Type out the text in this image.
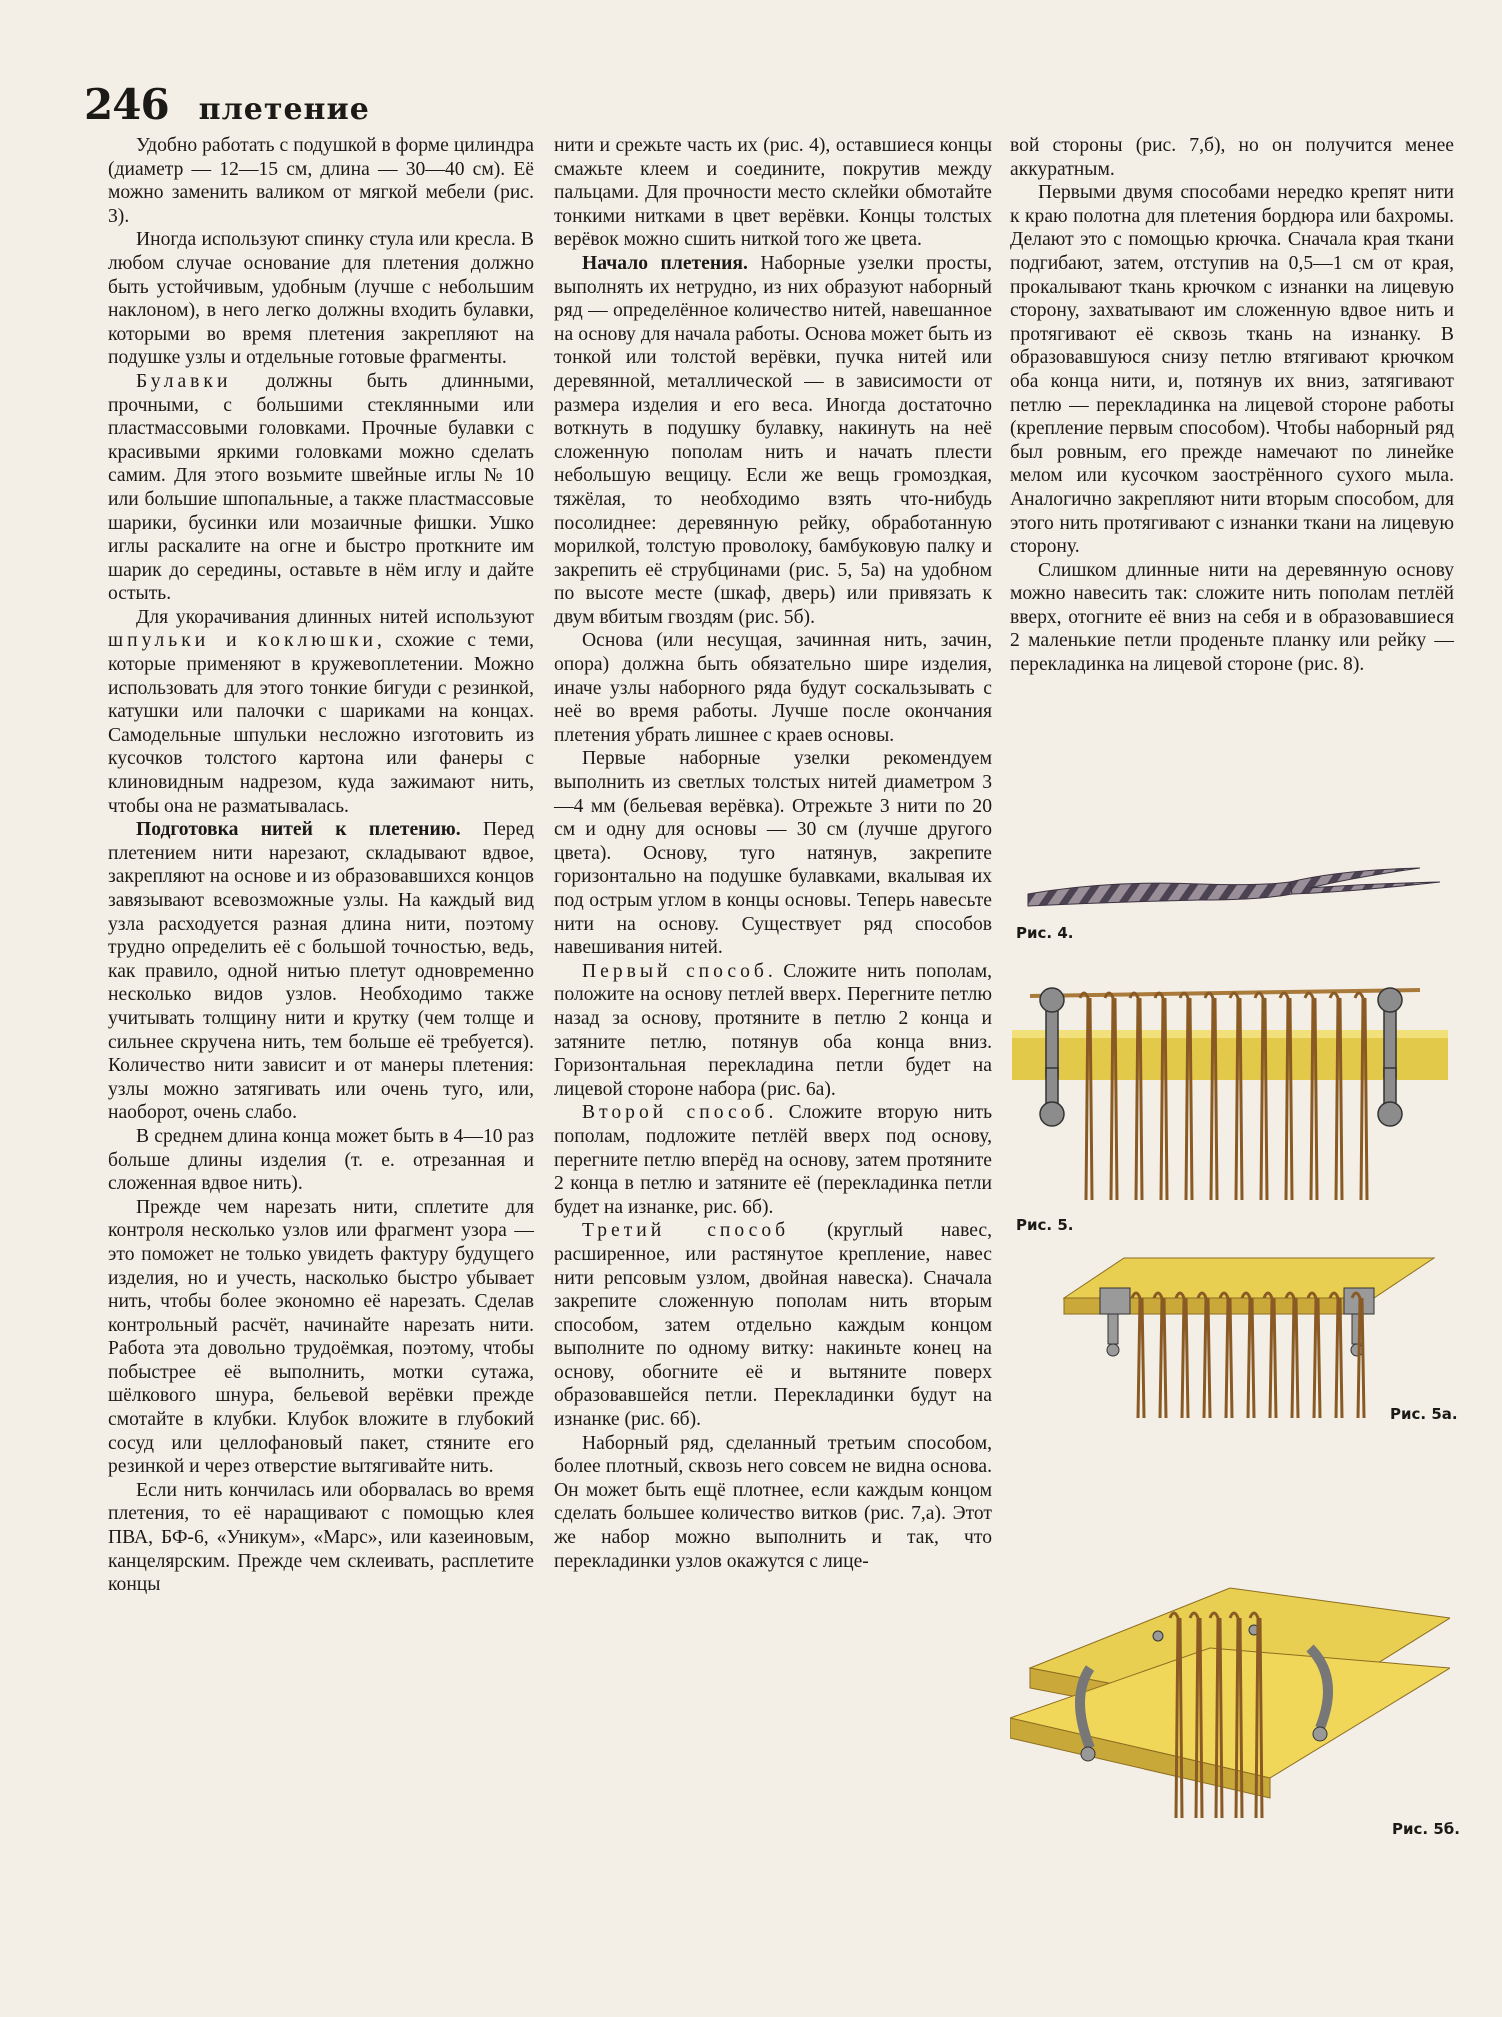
246 плетение

Удобно работать с подушкой в форме цилиндра (диаметр — 12—15 см, длина — 30—40 см). Её можно заменить валиком от мягкой мебели (рис. 3).

Иногда используют спинку стула или кресла. В любом случае основание для плетения должно быть устойчивым, удобным (лучше с небольшим наклоном), в него легко должны входить булавки, которыми во время плетения закрепляют на подушке узлы и отдельные готовые фрагменты.

Булавки должны быть длинными, прочными, с большими стеклянными или пластмассовыми головками. Прочные булавки с красивыми яркими головками можно сделать самим. Для этого возьмите швейные иглы № 10 или большие шпопальные, а также пластмассовые шарики, бусинки или мозаичные фишки. Ушко иглы раскалите на огне и быстро проткните им шарик до середины, оставьте в нём иглу и дайте остыть.

Для укорачивания длинных нитей используют шпульки и коклюшки, схожие с теми, которые применяют в кружевоплетении. Можно использовать для этого тонкие бигуди с резинкой, катушки или палочки с шариками на концах. Самодельные шпульки несложно изготовить из кусочков толстого картона или фанеры с клиновидным надрезом, куда зажимают нить, чтобы она не разматывалась.

Подготовка нитей к плетению. Перед плетением нити нарезают, складывают вдвое, закрепляют на основе и из образовавшихся концов завязывают всевозможные узлы. На каждый вид узла расходуется разная длина нити, поэтому трудно определить её с большой точностью, ведь, как правило, одной нитью плетут одновременно несколько видов узлов. Необходимо также учитывать толщину нити и крутку (чем толще и сильнее скручена нить, тем больше её требуется). Количество нити зависит и от манеры плетения: узлы можно затягивать или очень туго, или, наоборот, очень слабо.

В среднем длина конца может быть в 4—10 раз больше длины изделия (т. е. отрезанная и сложенная вдвое нить).

Прежде чем нарезать нити, сплетите для контроля несколько узлов или фрагмент узора — это поможет не только увидеть фактуру будущего изделия, но и учесть, насколько быстро убывает нить, чтобы более экономно её нарезать. Сделав контрольный расчёт, начинайте нарезать нити. Работа эта довольно трудоёмкая, поэтому, чтобы побыстрее её выполнить, мотки сутажа, шёлкового шнура, бельевой верёвки прежде смотайте в клубки. Клубок вложите в глубокий сосуд или целлофановый пакет, стяните его резинкой и через отверстие вытягивайте нить.

Если нить кончилась или оборвалась во время плетения, то её наращивают с помощью клея ПВА, БФ-6, «Уникум», «Марс», или казеиновым, канцелярским. Прежде чем склеивать, расплетите концы

нити и срежьте часть их (рис. 4), оставшиеся концы смажьте клеем и соедините, покрутив между пальцами. Для прочности место склейки обмотайте тонкими нитками в цвет верёвки. Концы толстых верёвок можно сшить ниткой того же цвета.

Начало плетения. Наборные узелки просты, выполнять их нетрудно, из них образуют наборный ряд — определённое количество нитей, навешанное на основу для начала работы. Основа может быть из тонкой или толстой верёвки, пучка нитей или деревянной, металлической — в зависимости от размера изделия и его веса. Иногда достаточно воткнуть в подушку булавку, накинуть на неё сложенную пополам нить и начать плести небольшую вещицу. Если же вещь громоздкая, тяжёлая, то необходимо взять что-нибудь посолиднее: деревянную рейку, обработанную морилкой, толстую проволоку, бамбуковую палку и закрепить её струбцинами (рис. 5, 5а) на удобном по высоте месте (шкаф, дверь) или привязать к двум вбитым гвоздям (рис. 5б).

Основа (или несущая, зачинная нить, зачин, опора) должна быть обязательно шире изделия, иначе узлы наборного ряда будут соскальзывать с неё во время работы. Лучше после окончания плетения убрать лишнее с краев основы.

Первые наборные узелки рекомендуем выполнить из светлых толстых нитей диаметром 3—4 мм (бельевая верёвка). Отрежьте 3 нити по 20 см и одну для основы — 30 см (лучше другого цвета). Основу, туго натянув, закрепите горизонтально на подушке булавками, вкалывая их под острым углом в концы основы. Теперь навесьте нити на основу. Существует ряд способов навешивания нитей.

Первый способ. Сложите нить пополам, положите на основу петлей вверх. Перегните петлю назад за основу, протяните в петлю 2 конца и затяните петлю, потянув оба конца вниз. Горизонтальная перекладина петли будет на лицевой стороне набора (рис. 6а).

Второй способ. Сложите вторую нить пополам, подложите петлёй вверх под основу, перегните петлю вперёд на основу, затем протяните 2 конца в петлю и затяните её (перекладинка петли будет на изнанке, рис. 6б).

Третий способ (круглый навес, расширенное, или растянутое крепление, навес нити репсовым узлом, двойная навеска). Сначала закрепите сложенную пополам нить вторым способом, затем отдельно каждым концом выполните по одному витку: накиньте конец на основу, обогните её и вытяните поверх образовавшейся петли. Перекладинки будут на изнанке (рис. 6б).

Наборный ряд, сделанный третьим способом, более плотный, сквозь него совсем не видна основа. Он может быть ещё плотнее, если каждым концом сделать большее количество витков (рис. 7,а). Этот же набор можно выполнить и так, что перекладинки узлов окажутся с лице-

вой стороны (рис. 7,б), но он получится менее аккуратным.

Первыми двумя способами нередко крепят нити к краю полотна для плетения бордюра или бахромы. Делают это с помощью крючка. Сначала края ткани подгибают, затем, отступив на 0,5—1 см от края, прокалывают ткань крючком с изнанки на лицевую сторону, захватывают им сложенную вдвое нить и протягивают её сквозь ткань на изнанку. В образовавшуюся снизу петлю втягивают крючком оба конца нити, и, потянув их вниз, затягивают петлю — перекладинка на лицевой стороне работы (крепление первым способом). Чтобы наборный ряд был ровным, его прежде намечают по линейке мелом или кусочком заострённого сухого мыла. Аналогично закрепляют нити вторым способом, для этого нить протягивают с изнанки ткани на лицевую сторону.

Слишком длинные нити на деревянную основу можно навесить так: сложите нить пополам петлёй вверх, отогните её вниз на себя и в образовавшиеся 2 маленькие петли проденьте планку или рейку — перекладинка на лицевой стороне (рис. 8).

Рис. 4.
Рис. 5.
Рис. 5а.
Рис. 5б.
